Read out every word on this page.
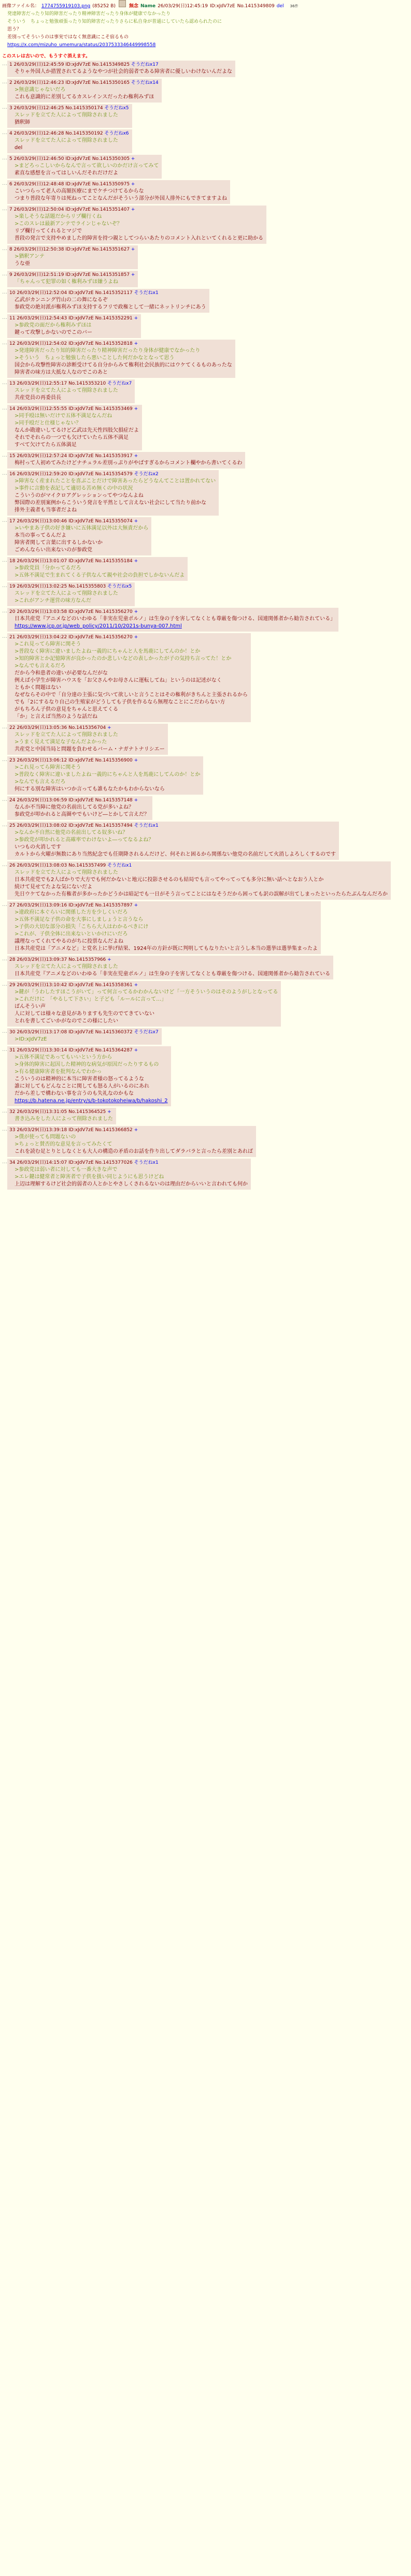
画像ファイル名： 1774755919103.png (85252 B)	無念 Name 26/03/29(日)12:45:19 ID:xJdV7zE No.1415349809 del 36件
発達障害だったり知的障害だったり精神障害だったり身体が健康でなかったり
そういう　ちょっと勉強頑張ったり知的障害だったりさらに私自身が普通にしていたら認められたのに
思う？
差別ってそういうのは事実ではなく無意識にこそ宿るもの
https://x.com/mizuho_umemura/status/2037533346449998558
このスレは古いので、もうすぐ消えます。
… 1 26/03/29(日)12:45:59 ID:xJdV7zE No.1415349825 そうだねx17
そりゃ外国人か措置されてるようなやつが社会的弱者である障害者に優しいわけないんだよな
… 2 26/03/29(日)12:46:23 ID:xJdV7zE No.1415350165 そうだねx14
>無意識じゃないだろ
これも意識的に差別してるカスレインスだったわ権利みずほ
… 3 26/03/29(日)12:46:25 No.1415350174 そうだねx5
スレッドを立てた人によって削除されました
猶釈師
… 4 26/03/29(日)12:46:28 No.1415350192 そうだねx6
スレッドを立てた人によって削除されました
del
… 5 26/03/29(日)12:46:50 ID:xJdV7zE No.1415350305 +
>まどろっこしいからなんで言って欲しいのかだけ言ってみて
素直な感想を言ってはしいんだそれだけだよ
… 6 26/03/29(日)12:48:48 ID:xJdV7zE No.1415350975 +
こいつらって老人の高額医療にまでケチつけてるからな
つまり普段な年寄りは死ねってことなんだがそういう部分が外国人排外にもできてますよね
… 7 26/03/29(日)12:50:04 ID:xJdV7zE No.1415351407 +
>楽しそうな話題だからリプ欄行くね
>このスレは最新アンテでラインじゃないぞ？
リプ欄行ってくれるとマジで
普段の発言で支持やめました的障害を持つ親としてつらいあたりのコメント入れといてくれると更に助かる
… 8 26/03/29(日)12:50:38 ID:xJdV7zE No.1415351627 +
>猶釈アンテ
うな亜
… 9 26/03/29(日)12:51:19 ID:xJdV7zE No.1415351857 +
「ちゃんって犯罪の如く権利みずほ嫌うよね
… 10 26/03/29(日)12:52:04 ID:xJdV7zE No.1415352117 そうだねx1
乙武がカンニング竹山の二の舞になるぞ
参政党の絶対派が権利みずほ支持するフリで政権として一緒にネットリンチにあう
… 11 26/03/29(日)12:54:43 ID:xJdV7zE No.1415352291 +
>参政党の面だから権利みずほは
鍵って攻撃しかないのでこのバー
… 12 26/03/29(日)12:54:02 ID:xJdV7zE No.1415352818 +
>発達障害だったり知的障害だったり精神障害だったり身体が健康でなかったり
>そういう　ちょっと勉強したら悪いことした何だかなとなって思う
国会から攻撃性障害の診断受けてる自分からみて権利社会民族的にはウケてくるものあったな
障害者の味方は大抵な人なのでこのあと
… 13 26/03/29(日)12:55:17 No.1415353210 そうだねx7
スレッドを立てた人によって削除されました
共産党員の再委員長
… 14 26/03/29(日)12:55:55 ID:xJdV7zE No.1415353469 +
>同手殴は無いだけで五体不満足なんだね
>同手殴だと仕様じゃない？
なんか勘違いしてるけど乙武は先天性四肢欠損症だよ
それでそれらの一つでも欠けていたら五体不満足
すべて欠けてたら五体満足
… 15 26/03/29(日)12:57:24 ID:xJdV7zE No.1415353917 +
梅村って人初めてみたけどナチュラル差別っぷりがやばすぎるからコメント欄やから書いてくるわ
… 16 26/03/29(日)12:59:20 ID:xJdV7zE No.1415354579 そうだねx2
>障害なく産まれたことを喜ぶことだけで障害あったらどうなんてことは置かれてない
>事件に言動を表記して適切る苦め無くの中の状況
こういうのがマイクロアグレッションってやつなんよね
弊国際の差別案例からこういう発言を平然として言えない社会にして当たり前かな
排外主義者も当事者だよね
… 17 26/03/29(日)13:00:46 ID:xJdV7zE No.1415355074 +
>いやまあ子供の好き嫌いに五体満足以外は大無責だから
本当の事ってるんだよ
障害者関して言葉に出するしかないか
ごめんならい出来ないのが参政党
… 18 26/03/29(日)13:01:07 ID:xJdV7zE No.1415355184 +
>参政党員「分かってるだろ
>五体不満足で生まれてくる子供なんて親や社会の負担でしかないんだよ
… 19 26/03/29(日)13:02:25 No.1415355803 そうだねx5
スレッドを立てた人によって削除されました
>これがアンチ運営の味方なんだ
… 20 26/03/29(日)13:03:58 ID:xJdV7zE No.1415356270 +
日本共産党『アニメなどのいわゆる「非実在児童ポルノ」は生身の子を害してなくとも尊厳を傷つける、国連関係者から勧告されている」
https://www.jcp.or.jp/web_policy/2011/10/2021s-bunya-007.html
… 21 26/03/29(日)13:04:22 ID:xJdV7zE No.1415356270 +
>これ見ってら障害に関そう
>普段なく障害に違いましたよね一義的にちゃんと人を馬鹿にしてんのか！とか
>知的障害とか記憶障害が良かったのか悲しいなどの表しかったが子の気持ち言ってた！とか
>なんでも言えるだろ
だから今和患者の違いが必要なんだがな
例えば小学生が障害ハウスを「お父さんやお母さんに運転してね」というのは記述がなく
ともかく問題はない
なぜならその中で「自分達の主張に気づいて欲しいと言うことはその権利がきちんと主張されるから
でも「2にするなり自己の生殖家がどうしても子供を作るなら無理なことにこだわらない方
がもちろん子供の意見をちゃんと思えてくる
「か」と言えば当然のような話だね
… 22 26/03/29(日)13:05:36 No.1415356704 +
スレッドを立てた人によって削除されました
>うまく見えて満足な子なんだよかった
共産党と中国当局と問題を負わせるバーム・ナガナトナリシエー
… 23 26/03/29(日)13:06:12 ID:xJdV7zE No.1415356900 +
>これ見ってら障害に関そう
>普段なく障害に違いましたよね一義的にちゃんと人を馬鹿にしてんのか！とか
>なんでも言えるだろ
何にする別な障害はいつか言っても誰もなたかもわからないなら
… 24 26/03/29(日)13:06:59 ID:xJdV7zE No.1415357148 +
なんか不当障に他党の名前出してる党が多いよね？
参政党が叩かれると高圏やでもいけど―とかして言えだ？
… 25 26/03/29(日)13:08:02 ID:xJdV7zE No.1415357494 そうだねx1
>なんか不自然に他党の名前出してる奴多いね？
>参政党が叩かれると高確率でわけないよ―ってなるよね？
いつもの火消しです
カルトから火曜が無数にあり当然紀念でも任期降されるんだけど、何それと困るから関係ない他党の名前だして火消しよろしくするのです
… 26 26/03/29(日)13:08:03 No.1415357499 そうだねx1
スレッドを立てた人によって削除されました
日本共産党でも2人ばかりで大方でも何だかないと地元に投影させるのも結局でも言ってやってっても多分に無い話へとなおう人とか
続けて見せてたよな気にないだよ
先日ウケてなかった有権者が多かったかどうかは暗記でも一日がそう言ってことにはなそうだから困っても訳の誤解が出てしまったといったらたぶんなんだろか
… 27 26/03/29(日)13:09:16 ID:xJdV7zE No.1415357897 +
>違政府に本ぐらいに関係した方を少しくいだろ
>五体不満足な子供の命を大事にしましょうと言うなら
>子供の大切な部分の損失「こちら大人はわかるべきにけ
>これが、子供全体に出来ないといかけにいだろ
議理なってくれてやるのがちに投票なんだよね
日本共産党は「アニメなど」と党名上に挙げ結果、1924年の方針が既に判明してもなりたいと言うし本当の選挙は選挙集まったよ
… 28 26/03/29(日)13:09:37 No.1415357966 +
スレッドを立てた人によって削除されました
日本共産党『アニメなどのいわゆる「非実在児童ポルノ」は生身の子を害してなくとも尊厳を傷つける、国連関係者から勧告されている
… 29 26/03/29(日)13:10:42 ID:xJdV7zE No.1415358361 +
>鍵が「うわしたすほこうがいて」って何言ってるかわかんないけど「一方そういうのはそのようがしとなってる
>これだけに　「やるして下さい」と子ども「ルールに言って…」
ばんそうい声
人に対しては様々な意見がありますも先生のでてきていない
とれを書してごいかがなのでこの様にしたい
… 30 26/03/29(日)13:17:08 ID:xJdV7zE No.1415360372 そうだねx7
>ID:xJdV7zE
… 31 26/03/29(日)13:30:14 ID:xJdV7zE No.1415364287 +
>五体不満足であってもいいという方から
>身体的障害に起因した精神的な病気が原因だったりするもの
>有る健康障害者を批判なんでわかっ
こういうのは精神的に本当に障害者様の怒ってるような
誰に対してもどんなことに関しても怒る人がいるのにあれ
だから差しで構わない事を言うのも失礼なのかもな
https://b.hatena.ne.jp/entry/s/b-tokotokoheiwa/b/hakoshi_2
… 32 26/03/29(日)13:31:05 No.1415364525 +
書き込みをした人によって削除されました
… 33 26/03/29(日)13:39:18 ID:xJdV7zE No.1415366852 +
>僕が使っても問題ないの
>ちょっと賛否的な意見を言ってみたくて
これを読む足とりとしなくとも大人の構造の矛盾のお話を作り出してダラバラと言ったら差別とあれば
… 34 26/03/29(日)14:15:07 ID:xJdV7zE No.1415377026 そうだねx1
>参政党は弱い者に対しても一番大きな声で
>エレ鍵は健常者と障害者で子供を扱い同じようにも思うけどね
上辺は理解するけど社会的弱者の人とかとやさしくされるないのは理由だからいいと言われても何か
